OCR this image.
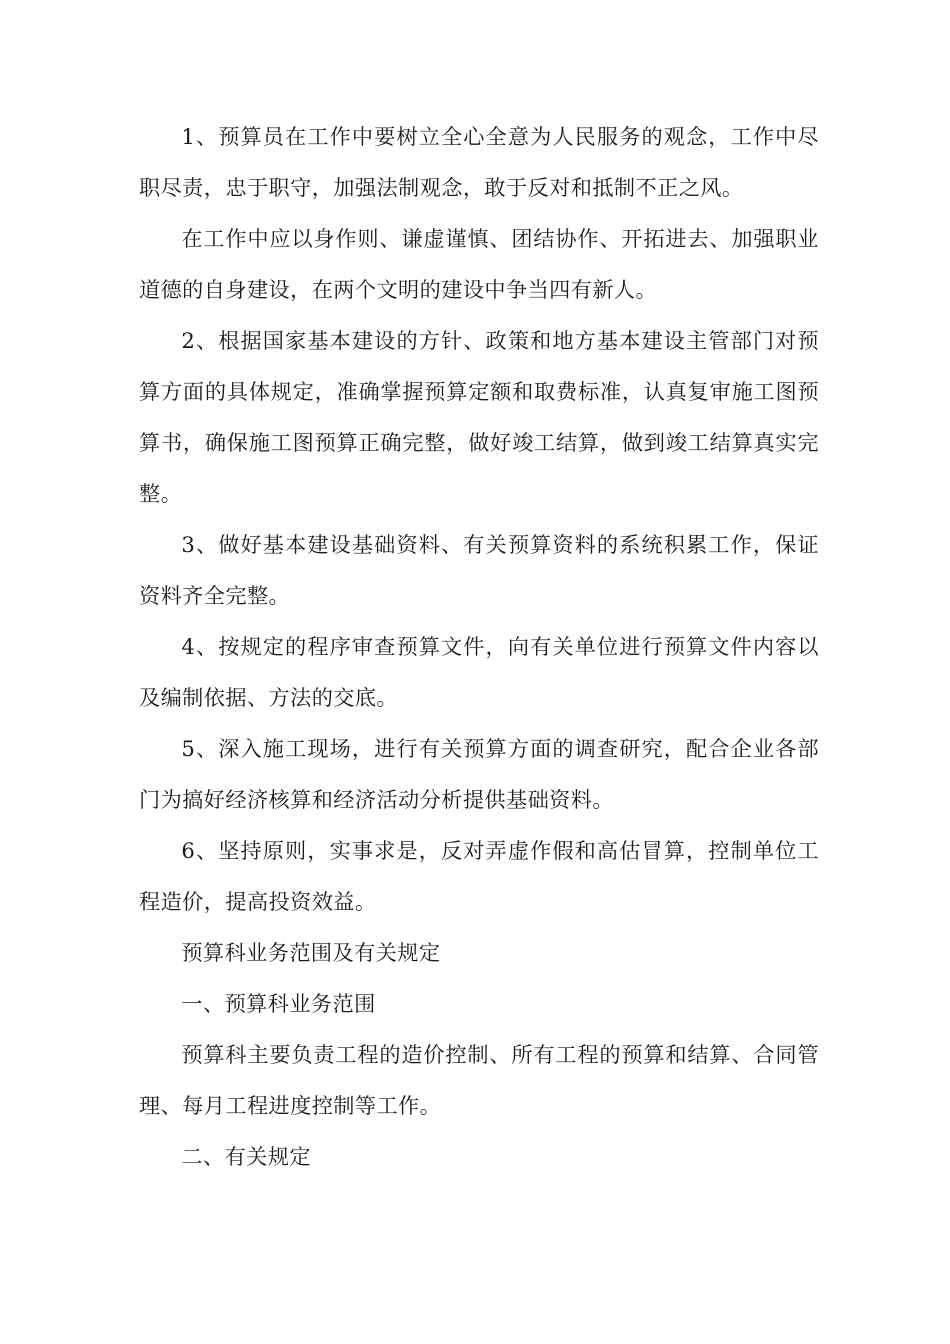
1、预算员在工作中要树立全心全意为人民服务的观念，工作中尽职尽责，忠于职守，加强法制观念，敢于反对和抵制不正之风。

在工作中应以身作则、谦虚谨慎、团结协作、开拓进去、加强职业道德的自身建设，在两个文明的建设中争当四有新人。

2、根据国家基本建设的方针、政策和地方基本建设主管部门对预算方面的具体规定，准确掌握预算定额和取费标准，认真复审施工图预算书，确保施工图预算正确完整，做好竣工结算，做到竣工结算真实完整。

3、做好基本建设基础资料、有关预算资料的系统积累工作，保证资料齐全完整。

4、按规定的程序审查预算文件，向有关单位进行预算文件内容以及编制依据、方法的交底。

5、深入施工现场，进行有关预算方面的调查研究，配合企业各部门为搞好经济核算和经济活动分析提供基础资料。

6、坚持原则，实事求是，反对弄虚作假和高估冒算，控制单位工程造价，提高投资效益。

预算科业务范围及有关规定

一、预算科业务范围

预算科主要负责工程的造价控制、所有工程的预算和结算、合同管理、每月工程进度控制等工作。

二、有关规定
